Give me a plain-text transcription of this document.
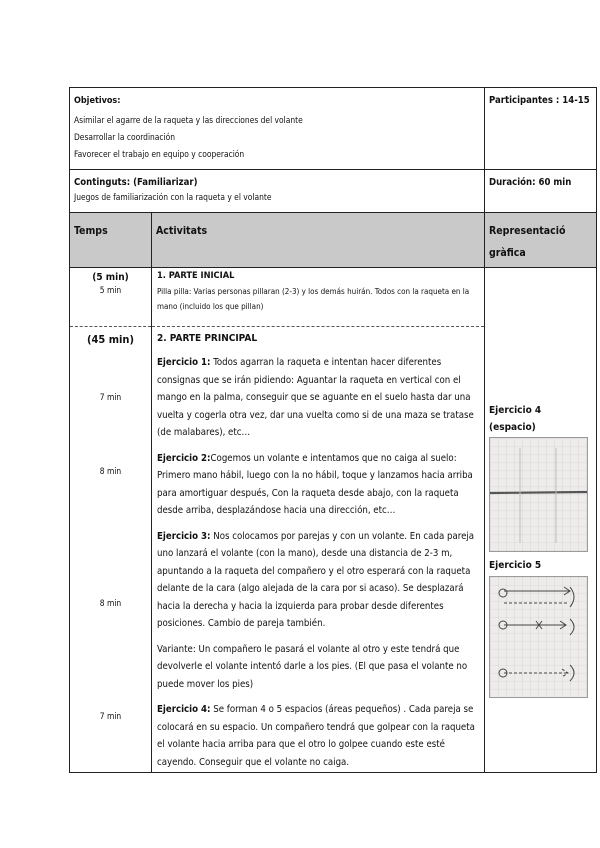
Objetivos:
Asimilar el agarre de la raqueta y las direcciones del volante
Desarrollar la coordinación
Favorecer el trabajo en equipo y cooperación
Participantes : 14-15
Continguts: (Familiarizar)
Juegos de familiarización con la raqueta y el volante
Duración: 60 min
Temps	Activitats	Representació gràfica
(5 min)
5 min
(45 min)
7 min
8 min
8 min
7 min
1. PARTE INICIAL
Pilla pilla: Varias personas pillaran (2-3) y los demás huirán. Todos con la raqueta en la mano (incluido los que pillan)
2. PARTE PRINCIPAL

Ejercicio 1: Todos agarran la raqueta e intentan hacer diferentes consignas que se irán pidiendo: Aguantar la raqueta en vertical con el mango en la palma, conseguir que se aguante en el suelo hasta dar una vuelta y cogerla otra vez, dar una vuelta como si de una maza se tratase (de malabares), etc…

Ejercicio 2:Cogemos un volante e intentamos que no caiga al suelo: Primero mano hábil, luego con la no hábil, toque y lanzamos hacia arriba para amortiguar después, Con la raqueta desde abajo, con la raqueta desde arriba, desplazándose hacia una dirección, etc…

Ejercicio 3: Nos colocamos por parejas y con un volante. En cada pareja uno lanzará el volante (con la mano), desde una distancia de 2-3 m, apuntando a la raqueta del compañero y el otro esperará con la raqueta delante de la cara (algo alejada de la cara por si acaso). Se desplazará hacia la derecha y hacia la izquierda para probar desde diferentes posiciones. Cambio de pareja también.

Variante: Un compañero le pasará el volante al otro y este tendrá que devolverle el volante intentó darle a los pies. (El que pasa el volante no puede mover los pies)

Ejercicio 4: Se forman 4 o 5 espacios (áreas pequeños) . Cada pareja se colocará en su espacio. Un compañero tendrá que golpear con la raqueta el volante hacia arriba para que el otro lo golpee cuando este esté cayendo. Conseguir que el volante no caiga.

Ejercicio 4 (espacio)
Ejercicio 5
